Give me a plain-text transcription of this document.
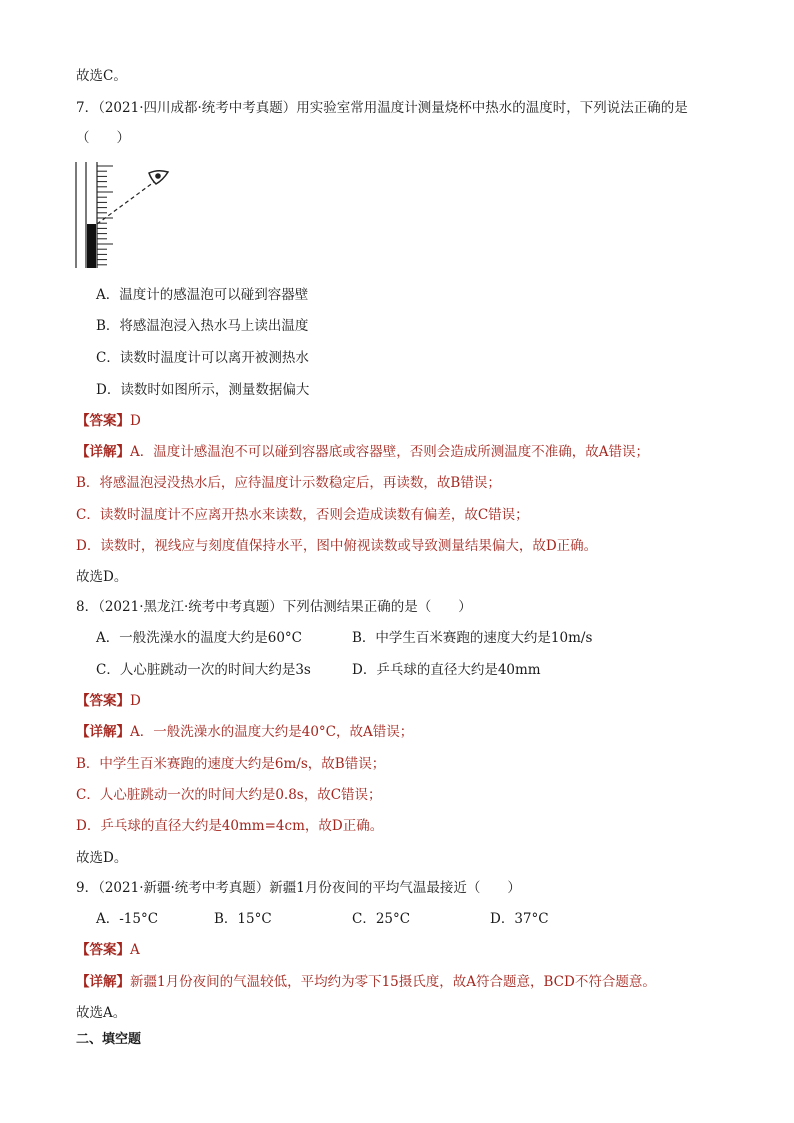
故选C。
7．（2021·四川成都·统考中考真题）用实验室常用温度计测量烧杯中热水的温度时，下列说法正确的是
（　　）
A．温度计的感温泡可以碰到容器壁
B．将感温泡浸入热水马上读出温度
C．读数时温度计可以离开被测热水
D．读数时如图所示，测量数据偏大
【答案】D
【详解】A．温度计感温泡不可以碰到容器底或容器壁，否则会造成所测温度不准确，故A错误；
B．将感温泡浸没热水后，应待温度计示数稳定后，再读数，故B错误；
C．读数时温度计不应离开热水来读数，否则会造成读数有偏差，故C错误；
D．读数时，视线应与刻度值保持水平，图中俯视读数或导致测量结果偏大，故D正确。
故选D。
8．（2021·黑龙江·统考中考真题）下列估测结果正确的是（　　）
A．一般洗澡水的温度大约是60°C	B．中学生百米赛跑的速度大约是10m/s
C．人心脏跳动一次的时间大约是3s	D．乒乓球的直径大约是40mm
【答案】D
【详解】A．一般洗澡水的温度大约是40°C，故A错误；
B．中学生百米赛跑的速度大约是6m/s，故B错误；
C．人心脏跳动一次的时间大约是0.8s，故C错误；
D．乒乓球的直径大约是40mm=4cm，故D正确。
故选D。
9．（2021·新疆·统考中考真题）新疆1月份夜间的平均气温最接近（　　）
A．-15°C	B．15°C	C．25°C	D．37°C
【答案】A
【详解】新疆1月份夜间的气温较低，平均约为零下15摄氏度，故A符合题意，BCD不符合题意。
故选A。
二、填空题
